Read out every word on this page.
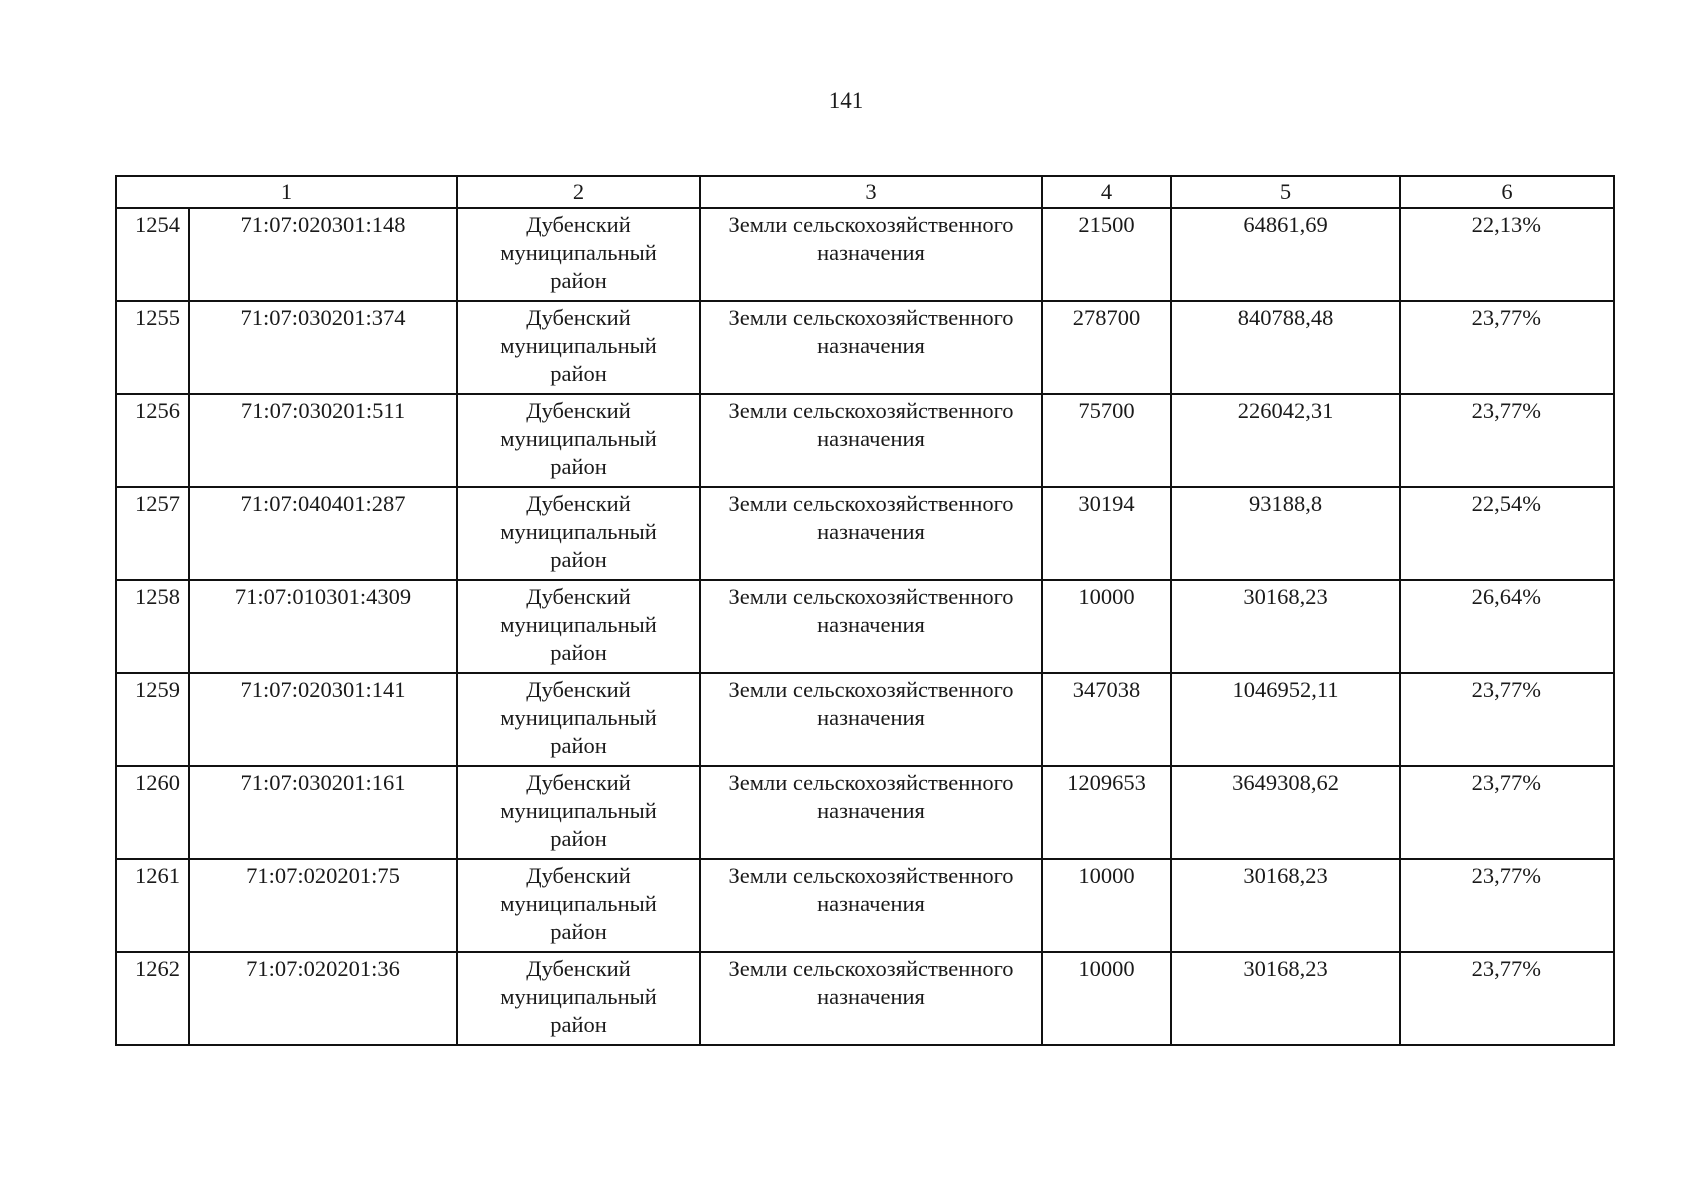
141
1		2	3	4	5	6
1254	71:07:020301:148	Дубенский
муниципальный
район	Земли сельскохозяйственного
назначения	21500	64861,69	22,13%
1255	71:07:030201:374	Дубенский
муниципальный
район	Земли сельскохозяйственного
назначения	278700	840788,48	23,77%
1256	71:07:030201:511	Дубенский
муниципальный
район	Земли сельскохозяйственного
назначения	75700	226042,31	23,77%
1257	71:07:040401:287	Дубенский
муниципальный
район	Земли сельскохозяйственного
назначения	30194	93188,8	22,54%
1258	71:07:010301:4309	Дубенский
муниципальный
район	Земли сельскохозяйственного
назначения	10000	30168,23	26,64%
1259	71:07:020301:141	Дубенский
муниципальный
район	Земли сельскохозяйственного
назначения	347038	1046952,11	23,77%
1260	71:07:030201:161	Дубенский
муниципальный
район	Земли сельскохозяйственного
назначения	1209653	3649308,62	23,77%
1261	71:07:020201:75	Дубенский
муниципальный
район	Земли сельскохозяйственного
назначения	10000	30168,23	23,77%
1262	71:07:020201:36	Дубенский
муниципальный
район	Земли сельскохозяйственного
назначения	10000	30168,23	23,77%
